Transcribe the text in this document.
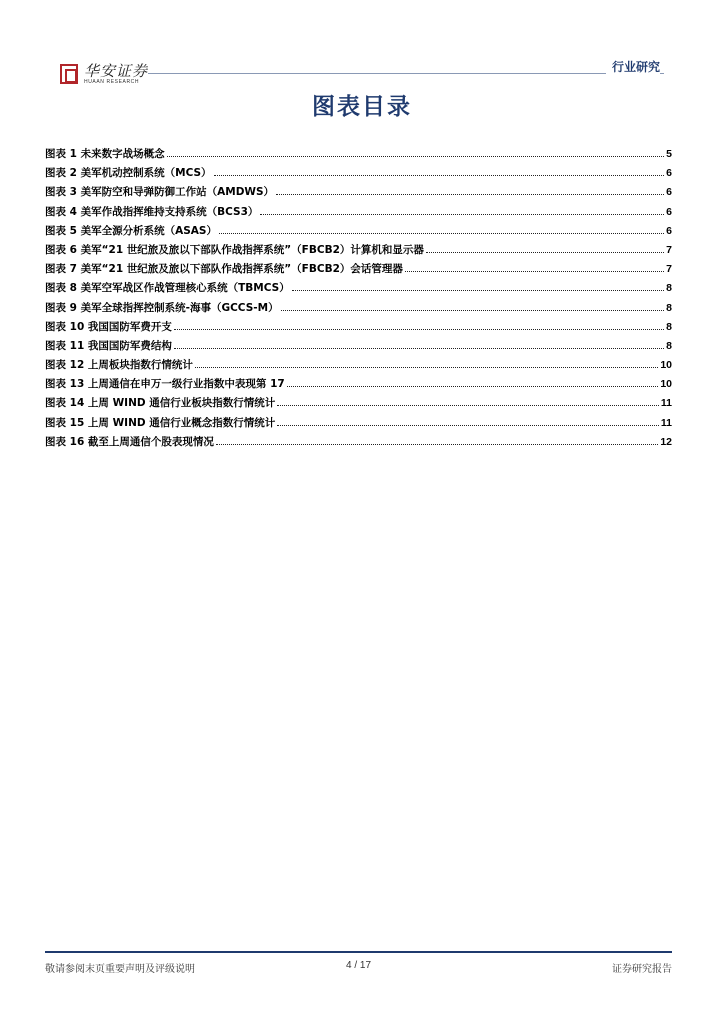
华安证券
HUAAN RESEARCH
行业研究
图表目录
图表 1 未来数字战场概念	5
图表 2 美军机动控制系统（MCS）	6
图表 3 美军防空和导弹防御工作站（AMDWS）	6
图表 4 美军作战指挥维持支持系统（BCS3）	6
图表 5 美军全源分析系统（ASAS）	6
图表 6 美军“21 世纪旅及旅以下部队作战指挥系统”（FBCB2）计算机和显示器	7
图表 7 美军“21 世纪旅及旅以下部队作战指挥系统”（FBCB2）会话管理器	7
图表 8 美军空军战区作战管理核心系统（TBMCS）	8
图表 9 美军全球指挥控制系统-海事（GCCS-M）	8
图表 10 我国国防军费开支	8
图表 11 我国国防军费结构	8
图表 12 上周板块指数行情统计	10
图表 13 上周通信在申万一级行业指数中表现第 17	10
图表 14 上周 WIND 通信行业板块指数行情统计	11
图表 15 上周 WIND 通信行业概念指数行情统计	11
图表 16 截至上周通信个股表现情况	12
敬请参阅末页重要声明及评级说明	4 / 17	证券研究报告
